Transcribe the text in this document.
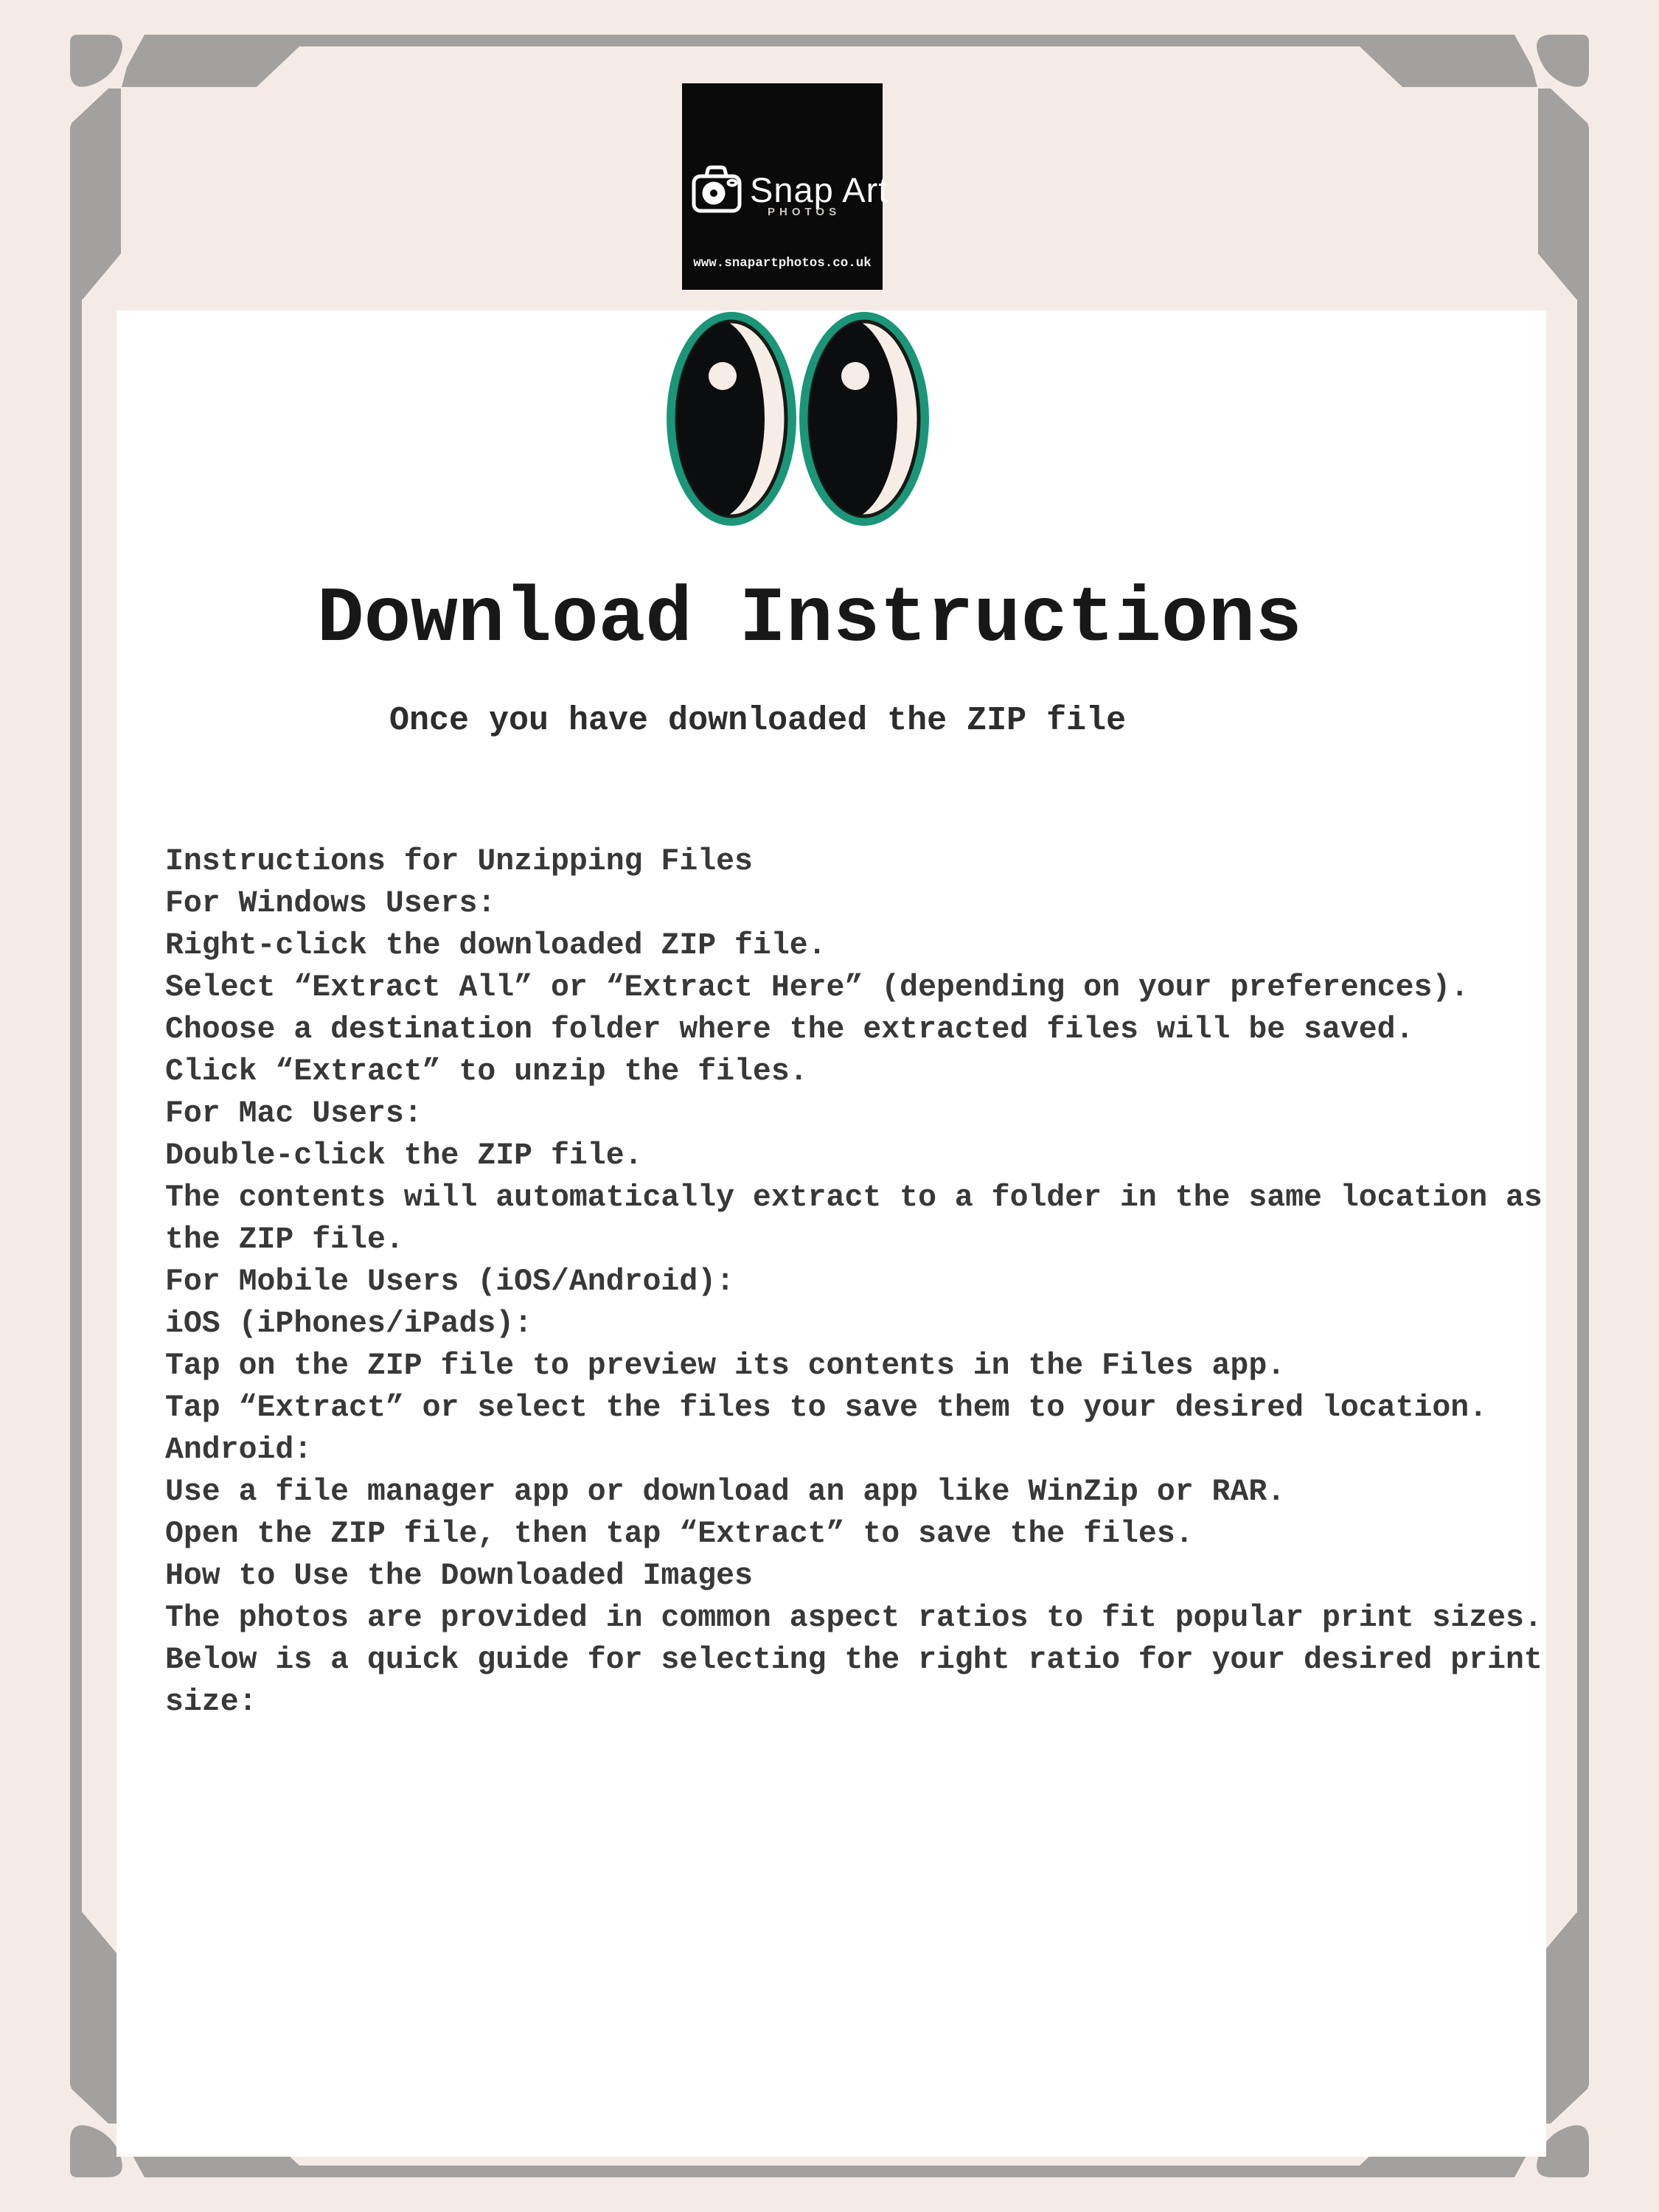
Snap Art
PHOTOS
www.snapartphotos.co.uk
Download Instructions
Once you have downloaded the ZIP file
Instructions for Unzipping Files
For Windows Users:
Right-click the downloaded ZIP file.
Select “Extract All” or “Extract Here” (depending on your preferences).
Choose a destination folder where the extracted files will be saved.
Click “Extract” to unzip the files.
For Mac Users:
Double-click the ZIP file.
The contents will automatically extract to a folder in the same location as
the ZIP file.
For Mobile Users (iOS/Android):
iOS (iPhones/iPads):
Tap on the ZIP file to preview its contents in the Files app.
Tap “Extract” or select the files to save them to your desired location.
Android:
Use a file manager app or download an app like WinZip or RAR.
Open the ZIP file, then tap “Extract” to save the files.
How to Use the Downloaded Images
The photos are provided in common aspect ratios to fit popular print sizes.
Below is a quick guide for selecting the right ratio for your desired print
size:
